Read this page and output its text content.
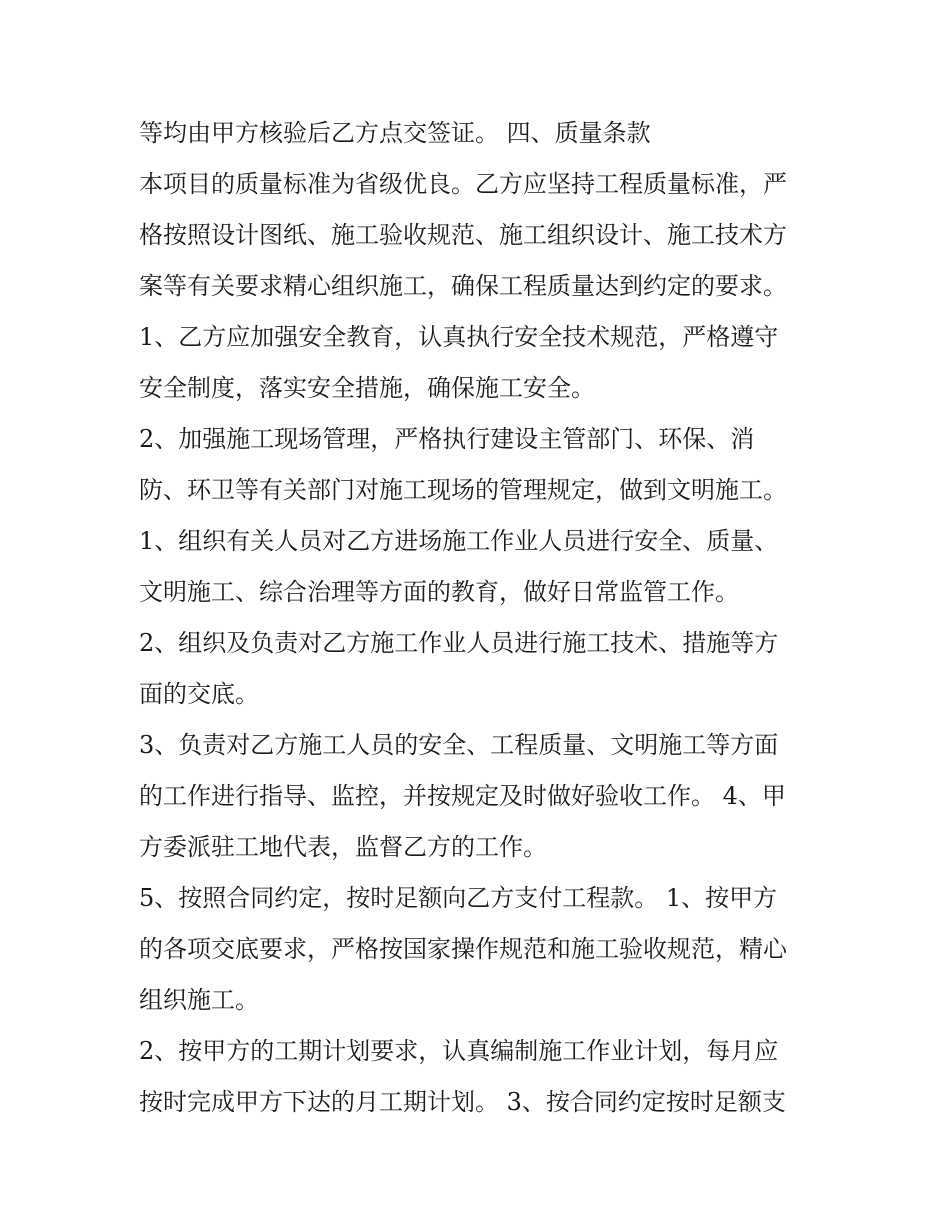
等均由甲方核验后乙方点交签证。 四、质量条款
本项目的质量标准为省级优良。乙方应坚持工程质量标准，严
格按照设计图纸、施工验收规范、施工组织设计、施工技术方
案等有关要求精心组织施工，确保工程质量达到约定的要求。
1、乙方应加强安全教育，认真执行安全技术规范，严格遵守
安全制度，落实安全措施，确保施工安全。
2、加强施工现场管理，严格执行建设主管部门、环保、消
防、环卫等有关部门对施工现场的管理规定，做到文明施工。
1、组织有关人员对乙方进场施工作业人员进行安全、质量、
文明施工、综合治理等方面的教育，做好日常监管工作。
2、组织及负责对乙方施工作业人员进行施工技术、措施等方
面的交底。
3、负责对乙方施工人员的安全、工程质量、文明施工等方面
的工作进行指导、监控，并按规定及时做好验收工作。 4、甲
方委派驻工地代表，监督乙方的工作。
5、按照合同约定，按时足额向乙方支付工程款。 1、按甲方
的各项交底要求，严格按国家操作规范和施工验收规范，精心
组织施工。
2、按甲方的工期计划要求，认真编制施工作业计划，每月应
按时完成甲方下达的月工期计划。 3、按合同约定按时足额支
